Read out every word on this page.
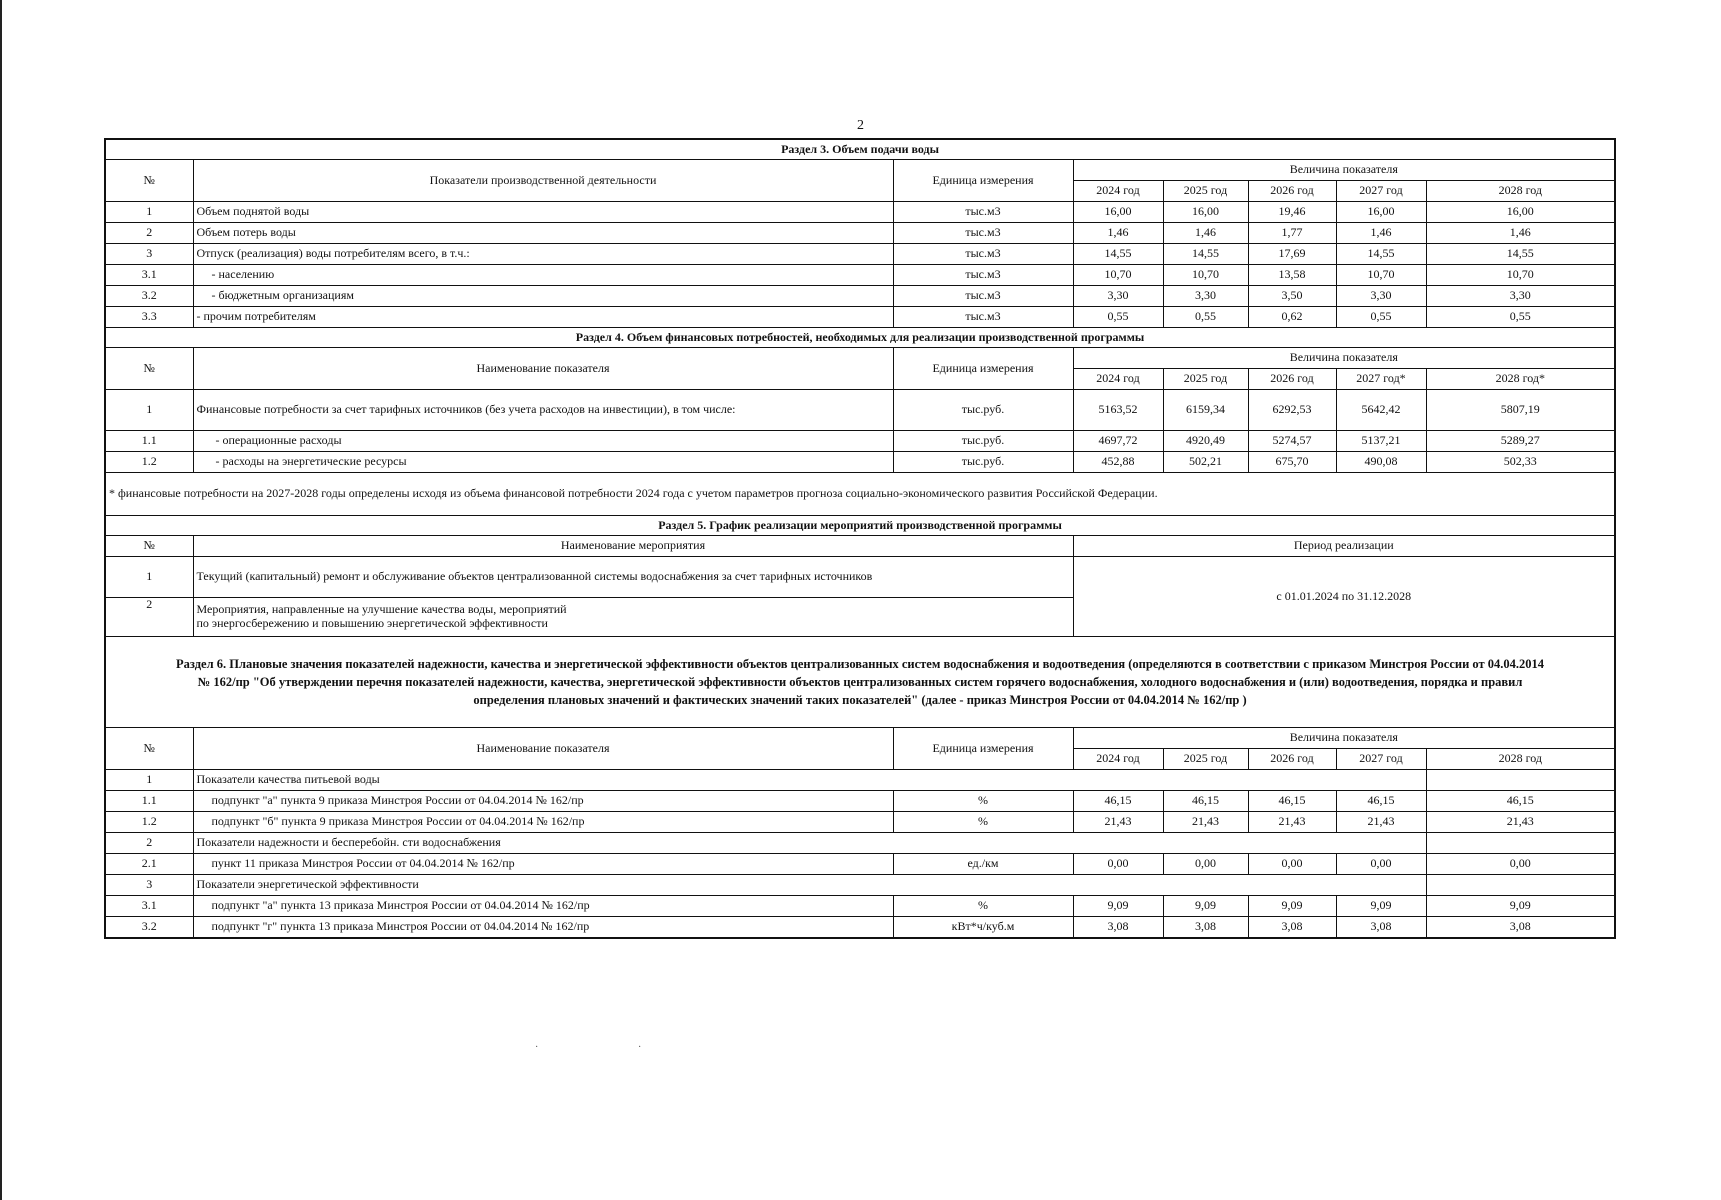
2
Раздел 3. Объем подачи воды							
№	Показатели производственной деятельности	Единица измерения	Величина показателя				
			2024 год	2025 год	2026 год	2027 год	2028 год
1	Объем поднятой воды	тыс.м3	16,00	16,00	19,46	16,00	16,00
2	Объем потерь воды	тыс.м3	1,46	1,46	1,77	1,46	1,46
3	Отпуск (реализация) воды потребителям всего, в т.ч.:	тыс.м3	14,55	14,55	17,69	14,55	14,55
3.1	- населению	тыс.м3	10,70	10,70	13,58	10,70	10,70
3.2	- бюджетным организациям	тыс.м3	3,30	3,30	3,50	3,30	3,30
3.3	- прочим потребителям	тыс.м3	0,55	0,55	0,62	0,55	0,55
Раздел 4. Объем финансовых потребностей, необходимых для реализации производственной программы							
№	Наименование показателя	Единица измерения	Величина показателя				
			2024 год	2025 год	2026 год	2027 год*	2028 год*
1	Финансовые потребности за счет тарифных источников (без учета расходов на инвестиции), в том числе:	тыс.руб.	5163,52	6159,34	6292,53	5642,42	5807,19
1.1	- операционные расходы	тыс.руб.	4697,72	4920,49	5274,57	5137,21	5289,27
1.2	- расходы на энергетические ресурсы	тыс.руб.	452,88	502,21	675,70	490,08	502,33
* финансовые потребности на 2027-2028 годы определены исходя из объема финансовой потребности 2024 года с учетом параметров прогноза социально-экономического развития Российской Федерации.							
Раздел 5. График реализации мероприятий производственной программы							
№	Наименование мероприятия		Период реализации				
1	Текущий (капитальный) ремонт и обслуживание объектов централизованной системы водоснабжения за счет тарифных источников		с 01.01.2024 по 31.12.2028				
2	Мероприятия, направленные на улучшение качества воды, мероприятий
по энергосбережению и повышению энергетической эффективности						

Раздел 6. Плановые значения показателей надежности, качества и энергетической эффективности объектов централизованных систем водоснабжения и водоотведения (определяются в соответствии с приказом Минстроя России от 04.04.2014
№ 162/пр "Об утверждении перечня показателей надежности, качества, энергетической эффективности объектов централизованных систем горячего водоснабжения, холодного водоснабжения и (или) водоотведения, порядка и правил
определения плановых значений и фактических значений таких показателей" (далее - приказ Минстроя России от 04.04.2014 № 162/пр )							

№	Наименование показателя	Единица измерения	Величина показателя				
			2024 год	2025 год	2026 год	2027 год	2028 год
1	Показатели качества питьевой воды						
1.1	подпункт "а" пункта 9 приказа Минстроя России от 04.04.2014 № 162/пр	%	46,15	46,15	46,15	46,15	46,15
1.2	подпункт "б" пункта 9 приказа Минстроя России от 04.04.2014 № 162/пр	%	21,43	21,43	21,43	21,43	21,43
2	Показатели надежности и бесперебойн. сти водоснабжения						
2.1	пункт 11 приказа Минстроя России от 04.04.2014 № 162/пр	ед./км	0,00	0,00	0,00	0,00	0,00
3	Показатели энергетической эффективности						
3.1	подпункт "а" пункта 13 приказа Минстроя России от 04.04.2014 № 162/пр	%	9,09	9,09	9,09	9,09	9,09
3.2	подпункт "г" пункта 13 приказа Минстроя России от 04.04.2014 № 162/пр	кВт*ч/куб.м	3,08	3,08	3,08	3,08	3,08
·	·
